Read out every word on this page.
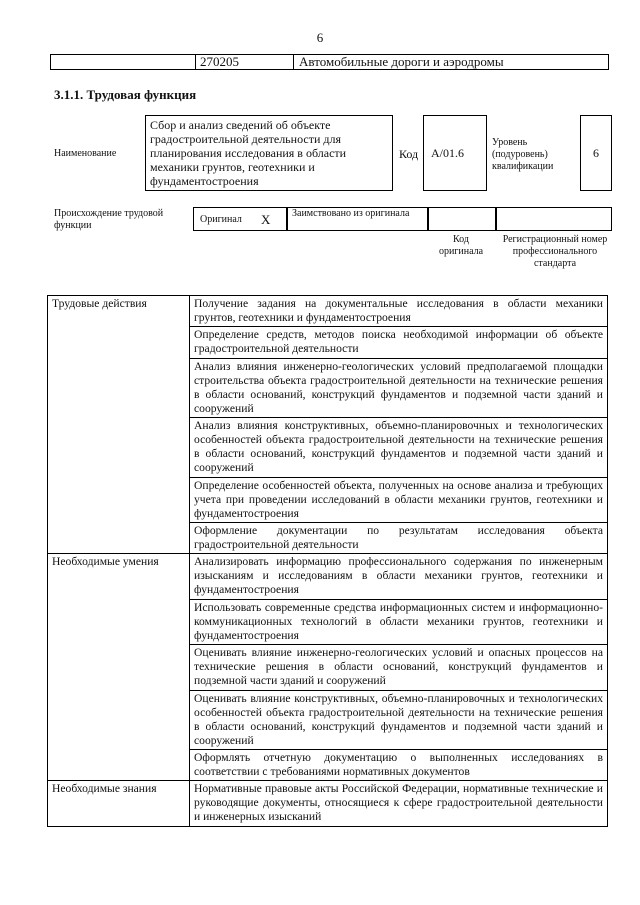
6
270205	Автомобильные дороги и аэродромы
3.1.1. Трудовая функция
Наименование
Сбор и анализ сведений об объекте градостроительной деятельности для планирования исследования в области механики грунтов, геотехники и фундаментостроения
Код	А/01.6
Уровень (подуровень) квалификации
6
Происхождение трудовой функции
Оригинал X Заимствовано из оригинала
Код оригинала
Регистрационный номер профессионального стандарта
Трудовые действия	Получение задания на документальные исследования в области механики грунтов, геотехники и фундаментостроения
	Определение средств, методов поиска необходимой информации об объекте градостроительной деятельности
	Анализ влияния инженерно-геологических условий предполагаемой площадки строительства объекта градостроительной деятельности на технические решения в области оснований, конструкций фундаментов и подземной части зданий и сооружений
	Анализ влияния конструктивных, объемно-планировочных и технологических особенностей объекта градостроительной деятельности на технические решения в области оснований, конструкций фундаментов и подземной части зданий и сооружений
	Определение особенностей объекта, полученных на основе анализа и требующих учета при проведении исследований в области механики грунтов, геотехники и фундаментостроения
	Оформление документации по результатам исследования объекта градостроительной деятельности
Необходимые умения	Анализировать информацию профессионального содержания по инженерным изысканиям и исследованиям в области механики грунтов, геотехники и фундаментостроения
	Использовать современные средства информационных систем и информационно-коммуникационных технологий в области механики грунтов, геотехники и фундаментостроения
	Оценивать влияние инженерно-геологических условий и опасных процессов на технические решения в области оснований, конструкций фундаментов и подземной части зданий и сооружений
	Оценивать влияние конструктивных, объемно-планировочных и технологических особенностей объекта градостроительной деятельности на технические решения в области оснований, конструкций фундаментов и подземной части зданий и сооружений
	Оформлять отчетную документацию о выполненных исследованиях в соответствии с требованиями нормативных документов
Необходимые знания	Нормативные правовые акты Российской Федерации, нормативные технические и руководящие документы, относящиеся к сфере градостроительной деятельности и инженерных изысканий
